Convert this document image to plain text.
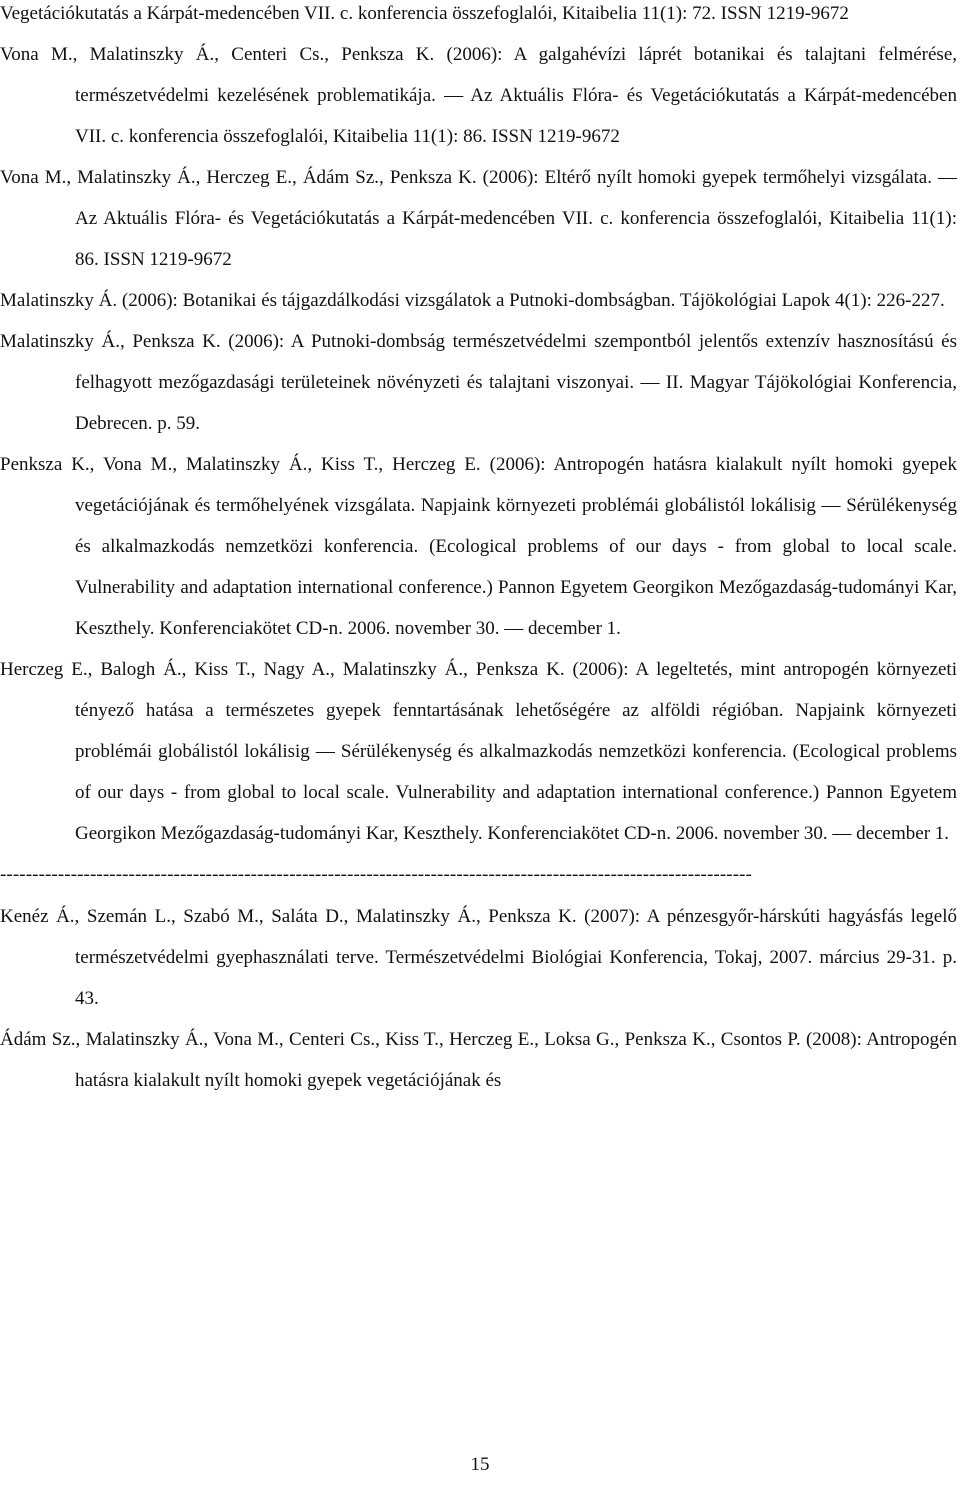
Vegetációkutatás a Kárpát-medencében VII. c. konferencia összefoglalói, Kitaibelia 11(1): 72. ISSN 1219-9672

Vona M., Malatinszky Á., Centeri Cs., Penksza K. (2006): A galgahévízi láprét botanikai és talajtani felmérése, természetvédelmi kezelésének problematikája. — Az Aktuális Flóra- és Vegetációkutatás a Kárpát-medencében VII. c. konferencia összefoglalói, Kitaibelia 11(1): 86. ISSN 1219-9672

Vona M., Malatinszky Á., Herczeg E., Ádám Sz., Penksza K. (2006): Eltérő nyílt homoki gyepek termőhelyi vizsgálata. — Az Aktuális Flóra- és Vegetációkutatás a Kárpát-medencében VII. c. konferencia összefoglalói, Kitaibelia 11(1): 86. ISSN 1219-9672

Malatinszky Á. (2006): Botanikai és tájgazdálkodási vizsgálatok a Putnoki-dombságban. Tájökológiai Lapok 4(1): 226-227.

Malatinszky Á., Penksza K. (2006): A Putnoki-dombság természetvédelmi szempontból jelentős extenzív hasznosítású és felhagyott mezőgazdasági területeinek növényzeti és talajtani viszonyai. — II. Magyar Tájökológiai Konferencia, Debrecen. p. 59.

Penksza K., Vona M., Malatinszky Á., Kiss T., Herczeg E. (2006): Antropogén hatásra kialakult nyílt homoki gyepek vegetációjának és termőhelyének vizsgálata. Napjaink környezeti problémái globálistól lokálisig — Sérülékenység és alkalmazkodás nemzetközi konferencia. (Ecological problems of our days - from global to local scale. Vulnerability and adaptation international conference.) Pannon Egyetem Georgikon Mezőgazdaság-tudományi Kar, Keszthely. Konferenciakötet CD-n. 2006. november 30. — december 1.

Herczeg E., Balogh Á., Kiss T., Nagy A., Malatinszky Á., Penksza K. (2006): A legeltetés, mint antropogén környezeti tényező hatása a természetes gyepek fenntartásának lehetőségére az alföldi régióban. Napjaink környezeti problémái globálistól lokálisig — Sérülékenység és alkalmazkodás nemzetközi konferencia. (Ecological problems of our days - from global to local scale. Vulnerability and adaptation international conference.) Pannon Egyetem Georgikon Mezőgazdaság-tudományi Kar, Keszthely. Konferenciakötet CD-n. 2006. november 30. — december 1.

---------------------------------------------------------------------------------------------------------------------

Kenéz Á., Szemán L., Szabó M., Saláta D., Malatinszky Á., Penksza K. (2007): A pénzesgyőr-hárskúti hagyásfás legelő természetvédelmi gyephasználati terve. Természetvédelmi Biológiai Konferencia, Tokaj, 2007. március 29-31. p. 43.

Ádám Sz., Malatinszky Á., Vona M., Centeri Cs., Kiss T., Herczeg E., Loksa G., Penksza K., Csontos P. (2008): Antropogén hatásra kialakult nyílt homoki gyepek vegetációjának és

15
